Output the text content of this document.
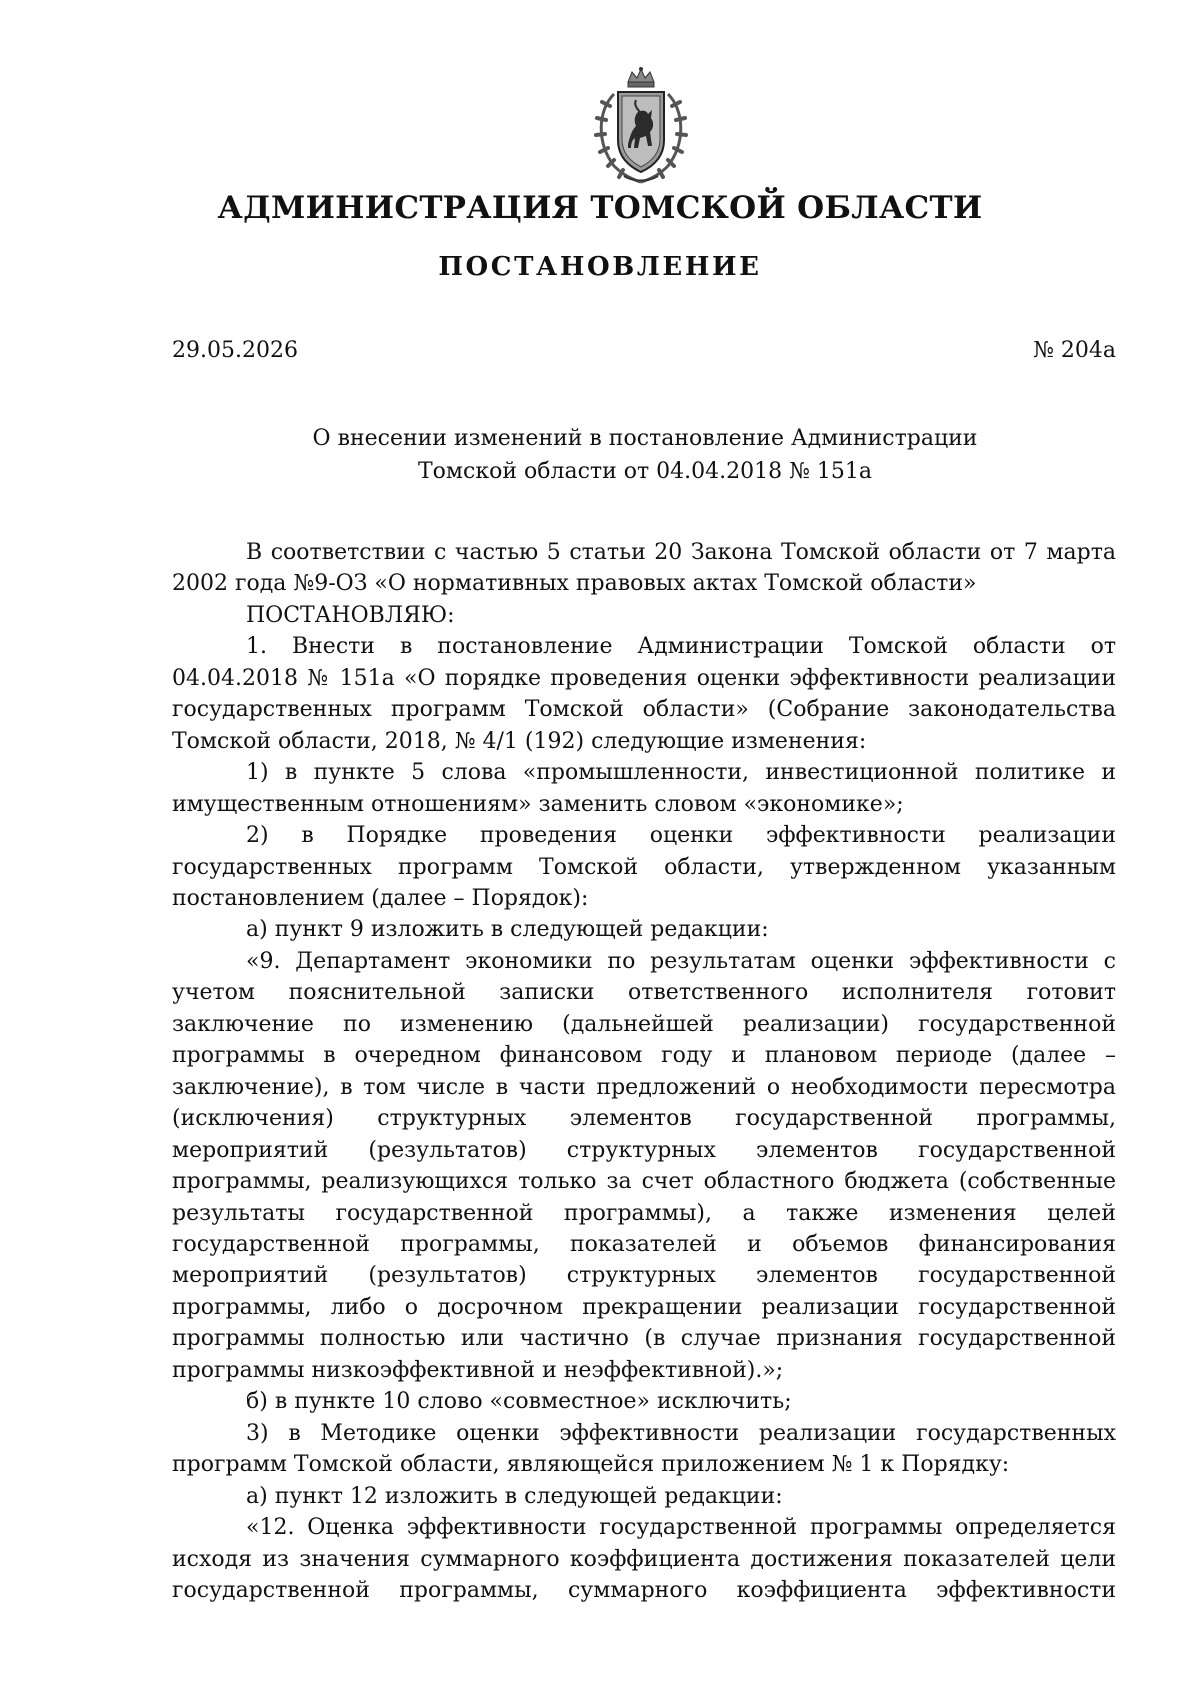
АДМИНИСТРАЦИЯ ТОМСКОЙ ОБЛАСТИ
ПОСТАНОВЛЕНИЕ
29.05.2026	№ 204а
О внесении изменений в постановление Администрации
Томской области от 04.04.2018 № 151а

В соответствии с частью 5 статьи 20 Закона Томской области от 7 марта 2002 года №9-ОЗ «О нормативных правовых актах Томской области»

ПОСТАНОВЛЯЮ:

1. Внести в постановление Администрации Томской области от 04.04.2018 № 151а «О порядке проведения оценки эффективности реализации государственных программ Томской области» (Собрание законодательства Томской области, 2018, № 4/1 (192) следующие изменения:

1) в пункте 5 слова «промышленности, инвестиционной политике и имущественным отношениям» заменить словом «экономике»;

2) в Порядке проведения оценки эффективности реализации государственных программ Томской области, утвержденном указанным постановлением (далее – Порядок):

а) пункт 9 изложить в следующей редакции:

«9. Департамент экономики по результатам оценки эффективности с учетом пояснительной записки ответственного исполнителя готовит заключение по изменению (дальнейшей реализации) государственной программы в очередном финансовом году и плановом периоде (далее – заключение), в том числе в части предложений о необходимости пересмотра (исключения) структурных элементов государственной программы, мероприятий (результатов) структурных элементов государственной программы, реализующихся только за счет областного бюджета (собственные результаты государственной программы), а также изменения целей государственной программы, показателей и объемов финансирования мероприятий (результатов) структурных элементов государственной программы, либо о досрочном прекращении реализации государственной программы полностью или частично (в случае признания государственной программы низкоэффективной и неэффективной).»;

б) в пункте 10 слово «совместное» исключить;

3) в Методике оценки эффективности реализации государственных программ Томской области, являющейся приложением № 1 к Порядку:

а) пункт 12 изложить в следующей редакции:

«12. Оценка эффективности государственной программы определяется исходя из значения суммарного коэффициента достижения показателей цели государственной программы, суммарного коэффициента эффективности
